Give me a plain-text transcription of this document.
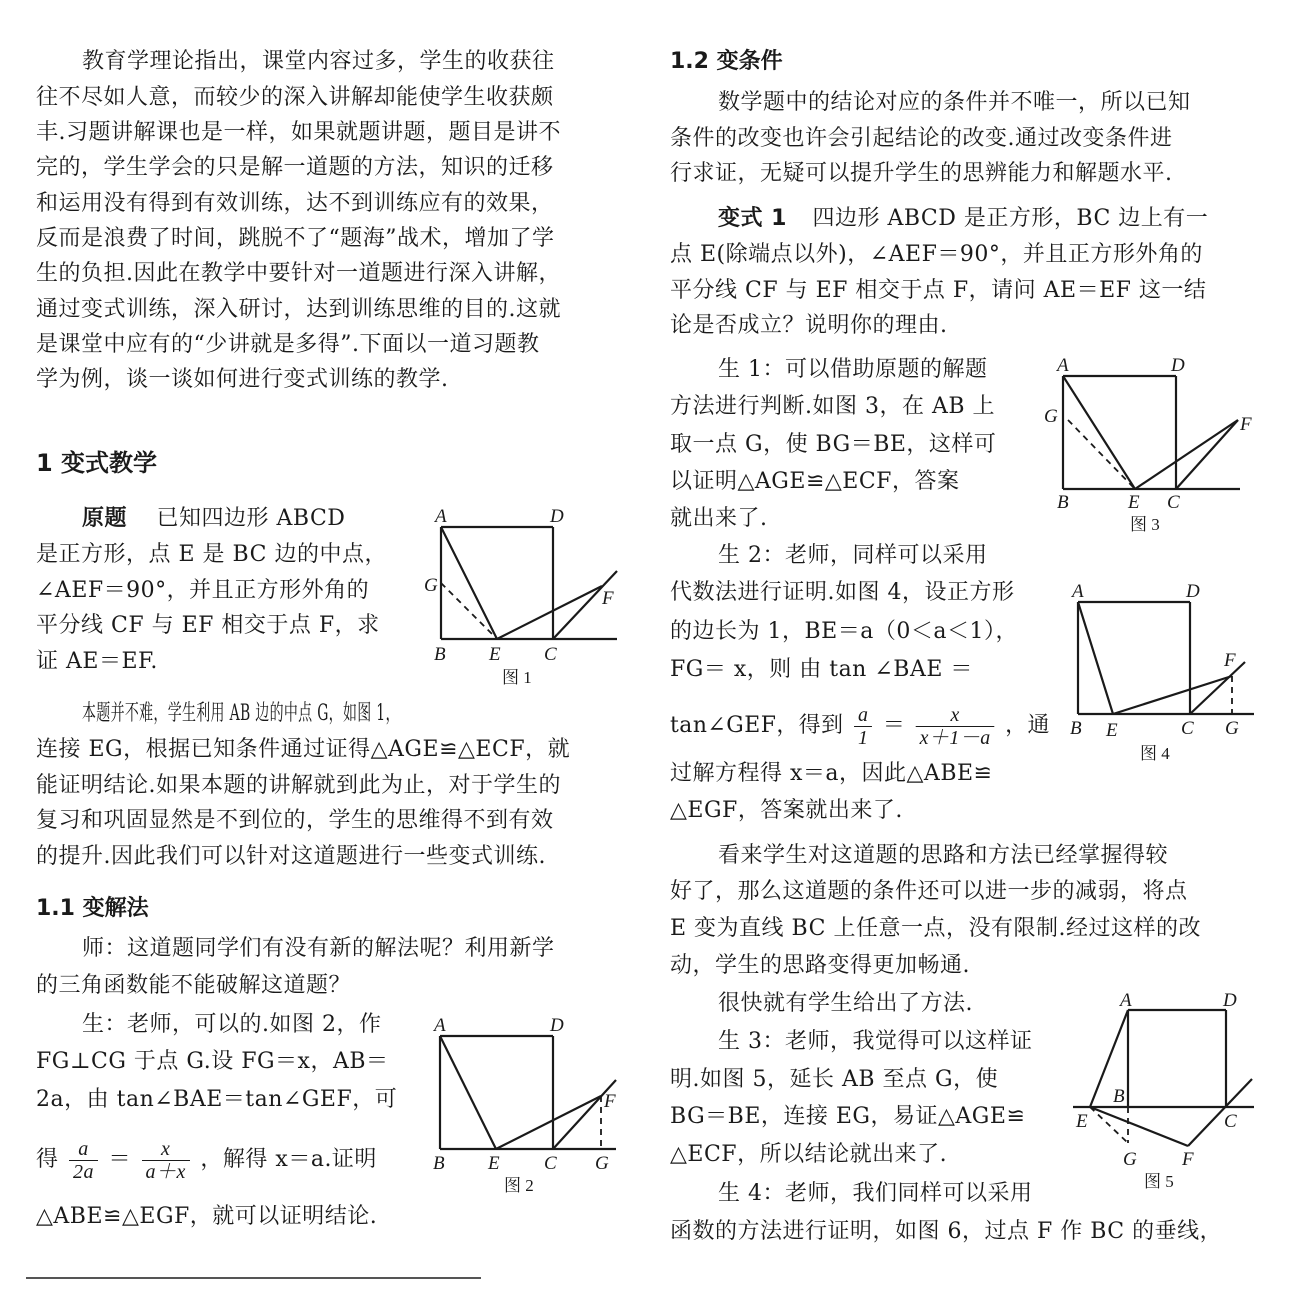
教育学理论指出，课堂内容过多，学生的收获往
往不尽如人意，而较少的深入讲解却能使学生收获颇
丰.习题讲解课也是一样，如果就题讲题，题目是讲不
完的，学生学会的只是解一道题的方法，知识的迁移
和运用没有得到有效训练，达不到训练应有的效果，
反而是浪费了时间，跳脱不了“题海”战术，增加了学
生的负担.因此在教学中要针对一道题进行深入讲解，
通过变式训练，深入研讨，达到训练思维的目的.这就
是课堂中应有的“少讲就是多得”.下面以一道习题教
学为例，谈一谈如何进行变式训练的教学.
1 变式教学
原题 已知四边形 ABCD
是正方形，点 E 是 BC 边的中点，
∠AEF＝90°，并且正方形外角的
平分线 CF 与 EF 相交于点 F，求
证 AE＝EF.
本题并不难，学生利用 AB 边的中点 G，如图 1，
连接 EG，根据已知条件通过证得△AGE≌△ECF，就
能证明结论.如果本题的讲解就到此为止，对于学生的
复习和巩固显然是不到位的，学生的思维得不到有效
的提升.因此我们可以针对这道题进行一些变式训练.
1.1 变解法
师：这道题同学们有没有新的解法呢？利用新学
的三角函数能不能破解这道题？
生：老师，可以的.如图 2，作
FG⊥CG 于点 G.设 FG＝x，AB＝
2a，由 tan∠BAE＝tan∠GEF，可
得 $\frac{a}{2a} = \frac{x}{a+x}$ ，解得 x＝a.证明
△ABE≌△EGF，就可以证明结论.
A	D
G
F
B E C
图 1
A	D
F
B E C G
图 2
1.2 变条件
数学题中的结论对应的条件并不唯一，所以已知
条件的改变也许会引起结论的改变.通过改变条件进
行求证，无疑可以提升学生的思辨能力和解题水平.
变式 1 四边形 ABCD 是正方形，BC 边上有一
点 E(除端点以外)，∠AEF＝90°，并且正方形外角的
平分线 CF 与 EF 相交于点 F，请问 AE＝EF 这一结
论是否成立？说明你的理由.
生 1：可以借助原题的解题
方法进行判断.如图 3，在 AB 上
取一点 G，使 BG＝BE，这样可
以证明△AGE≌△ECF，答案
就出来了.
生 2：老师，同样可以采用
代数法进行证明.如图 4，设正方形
的边长为 1，BE＝a（0＜a＜1），
FG＝ x，则 由 tan ∠BAE ＝
tan∠GEF，得到 $\frac{a}{1} = \frac{x}{x+1-a}$ ，通
过解方程得 x＝a，因此△ABE≌
△EGF，答案就出来了.
看来学生对这道题的思路和方法已经掌握得较
好了，那么这道题的条件还可以进一步的减弱，将点
E 变为直线 BC 上任意一点，没有限制.经过这样的改
动，学生的思路变得更加畅通.
很快就有学生给出了方法.
生 3：老师，我觉得可以这样证
明.如图 5，延长 AB 至点 G，使
BG＝BE，连接 EG，易证△AGE≌
△ECF，所以结论就出来了.
生 4：老师，我们同样可以采用
函数的方法进行证明，如图 6，过点 F 作 BC 的垂线，
A	D
G	F
B	E C
图 3
A	D
F
B E	C G
图 4
A	D
B
E	C
G F
图 5
